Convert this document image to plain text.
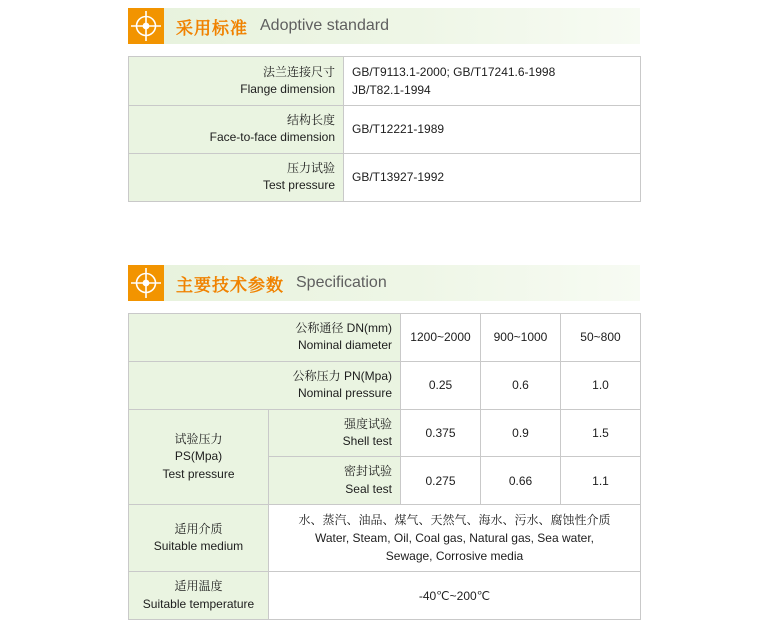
采用标准 Adoptive standard
法兰连接尺寸
Flange dimension	GB/T9113.1-2000; GB/T17241.6-1998
JB/T82.1-1994

结构长度
Face-to-face dimension	GB/T12221-1989

压力试验
Test pressure	GB/T13927-1992
主要技术参数 Specification
公称通径 DN(mm)
Nominal diameter		1200~2000	900~1000	50~800

公称压力 PN(Mpa)
Nominal pressure		0.25	0.6	1.0

试验压力
PS(Mpa)
Test pressure	强度试验
Shell test	0.375	0.9	1.5

	密封试验
Seal test	0.275	0.66	1.1

适用介质
Suitable medium	水、蒸汽、油品、煤气、天然气、海水、污水、腐蚀性介质
Water, Steam, Oil, Coal gas, Natural gas, Sea water,
Sewage, Corrosive media			

适用温度
Suitable temperature	-40℃~200℃			
